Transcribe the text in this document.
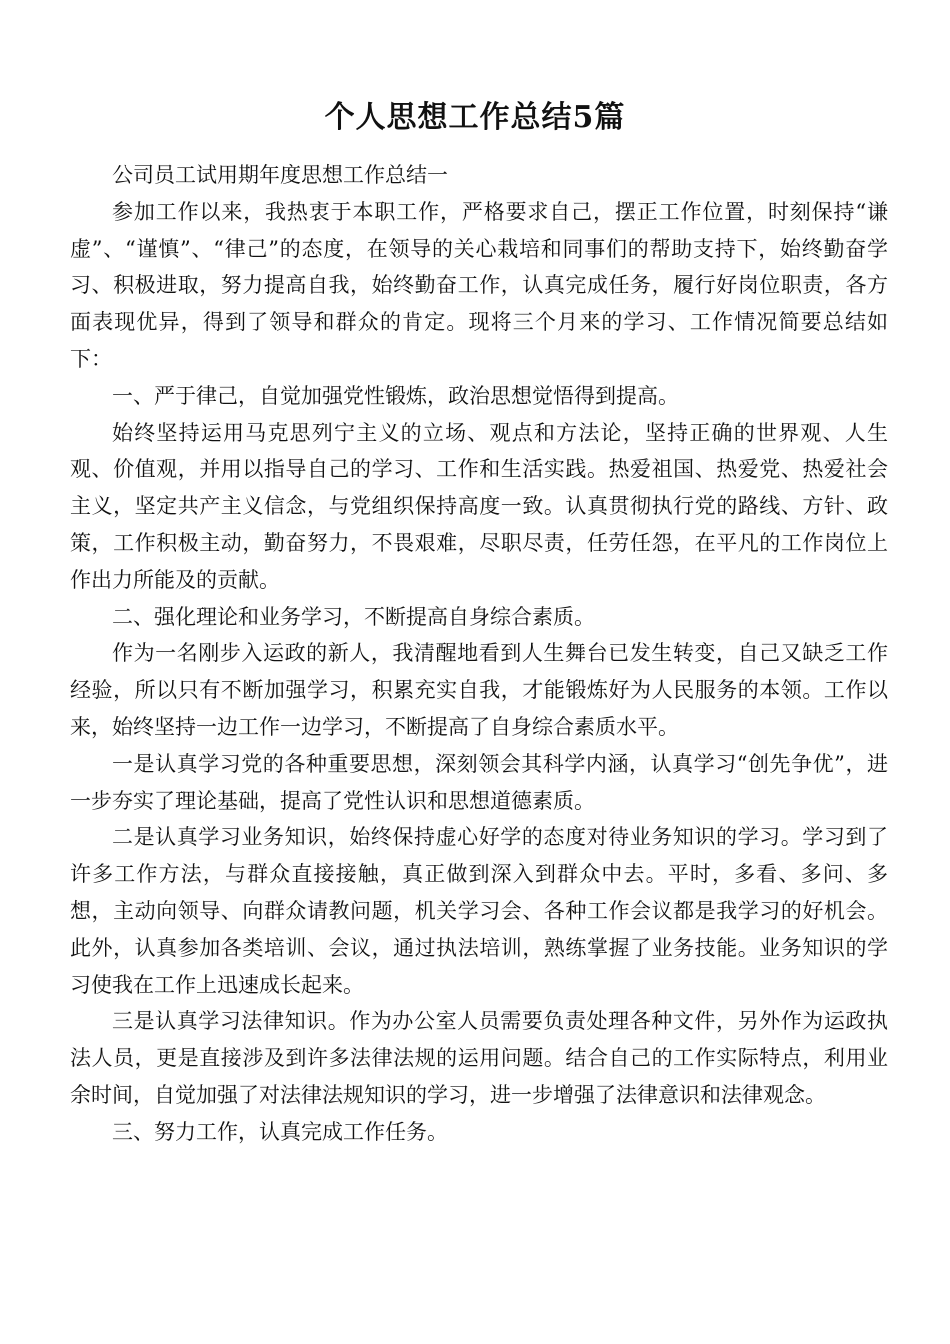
个人思想工作总结5篇

公司员工试用期年度思想工作总结一

参加工作以来，我热衷于本职工作，严格要求自己，摆正工作位置，时刻保持“谦虚”、“谨慎”、“律己”的态度，在领导的关心栽培和同事们的帮助支持下，始终勤奋学习、积极进取，努力提高自我，始终勤奋工作，认真完成任务，履行好岗位职责，各方面表现优异，得到了领导和群众的肯定。现将三个月来的学习、工作情况简要总结如下：

一、严于律己，自觉加强党性锻炼，政治思想觉悟得到提高。

始终坚持运用马克思列宁主义的立场、观点和方法论，坚持正确的世界观、人生观、价值观，并用以指导自己的学习、工作和生活实践。热爱祖国、热爱党、热爱社会主义，坚定共产主义信念，与党组织保持高度一致。认真贯彻执行党的路线、方针、政策，工作积极主动，勤奋努力，不畏艰难，尽职尽责，任劳任怨，在平凡的工作岗位上作出力所能及的贡献。

二、强化理论和业务学习，不断提高自身综合素质。

作为一名刚步入运政的新人，我清醒地看到人生舞台已发生转变，自己又缺乏工作经验，所以只有不断加强学习，积累充实自我，才能锻炼好为人民服务的本领。工作以来，始终坚持一边工作一边学习，不断提高了自身综合素质水平。

一是认真学习党的各种重要思想，深刻领会其科学内涵，认真学习“创先争优”，进一步夯实了理论基础，提高了党性认识和思想道德素质。

二是认真学习业务知识，始终保持虚心好学的态度对待业务知识的学习。学习到了许多工作方法，与群众直接接触，真正做到深入到群众中去。平时，多看、多问、多想，主动向领导、向群众请教问题，机关学习会、各种工作会议都是我学习的好机会。此外，认真参加各类培训、会议，通过执法培训，熟练掌握了业务技能。业务知识的学习使我在工作上迅速成长起来。

三是认真学习法律知识。作为办公室人员需要负责处理各种文件，另外作为运政执法人员，更是直接涉及到许多法律法规的运用问题。结合自己的工作实际特点，利用业余时间，自觉加强了对法律法规知识的学习，进一步增强了法律意识和法律观念。

三、努力工作，认真完成工作任务。
